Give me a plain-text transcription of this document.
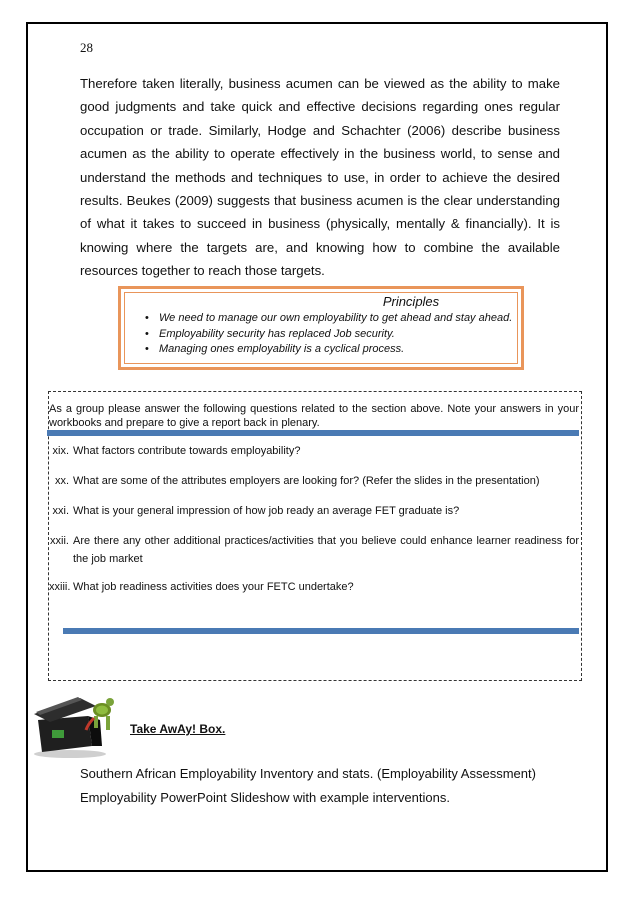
28

Therefore taken literally, business acumen can be viewed as the ability to make good judgments and take quick and effective decisions regarding ones regular occupation or trade. Similarly, Hodge and Schachter (2006) describe business acumen as the ability to operate effectively in the business world, to sense and understand the methods and techniques to use, in order to achieve the desired results. Beukes (2009) suggests that business acumen is the clear understanding of what it takes to succeed in business (physically, mentally & financially). It is knowing where the targets are, and knowing how to combine the available resources together to reach those targets.

Principles
• We need to manage our own employability to get ahead and stay ahead.
• Employability security has replaced Job security.
• Managing ones employability is a cyclical process.

As a group please answer the following questions related to the section above. Note your answers in your workbooks and prepare to give a report back in plenary.

xix. What factors contribute towards employability?
xx. What are some of the attributes employers are looking for? (Refer the slides in the presentation)
xxi. What is your general impression of how job ready an average FET graduate is?
xxii. Are there any other additional practices/activities that you believe could enhance learner readiness for the job market
xxiii. What job readiness activities does your FETC undertake?
Take AwAy! Box.
Southern African Employability Inventory and stats. (Employability Assessment)
Employability PowerPoint Slideshow with example interventions.
